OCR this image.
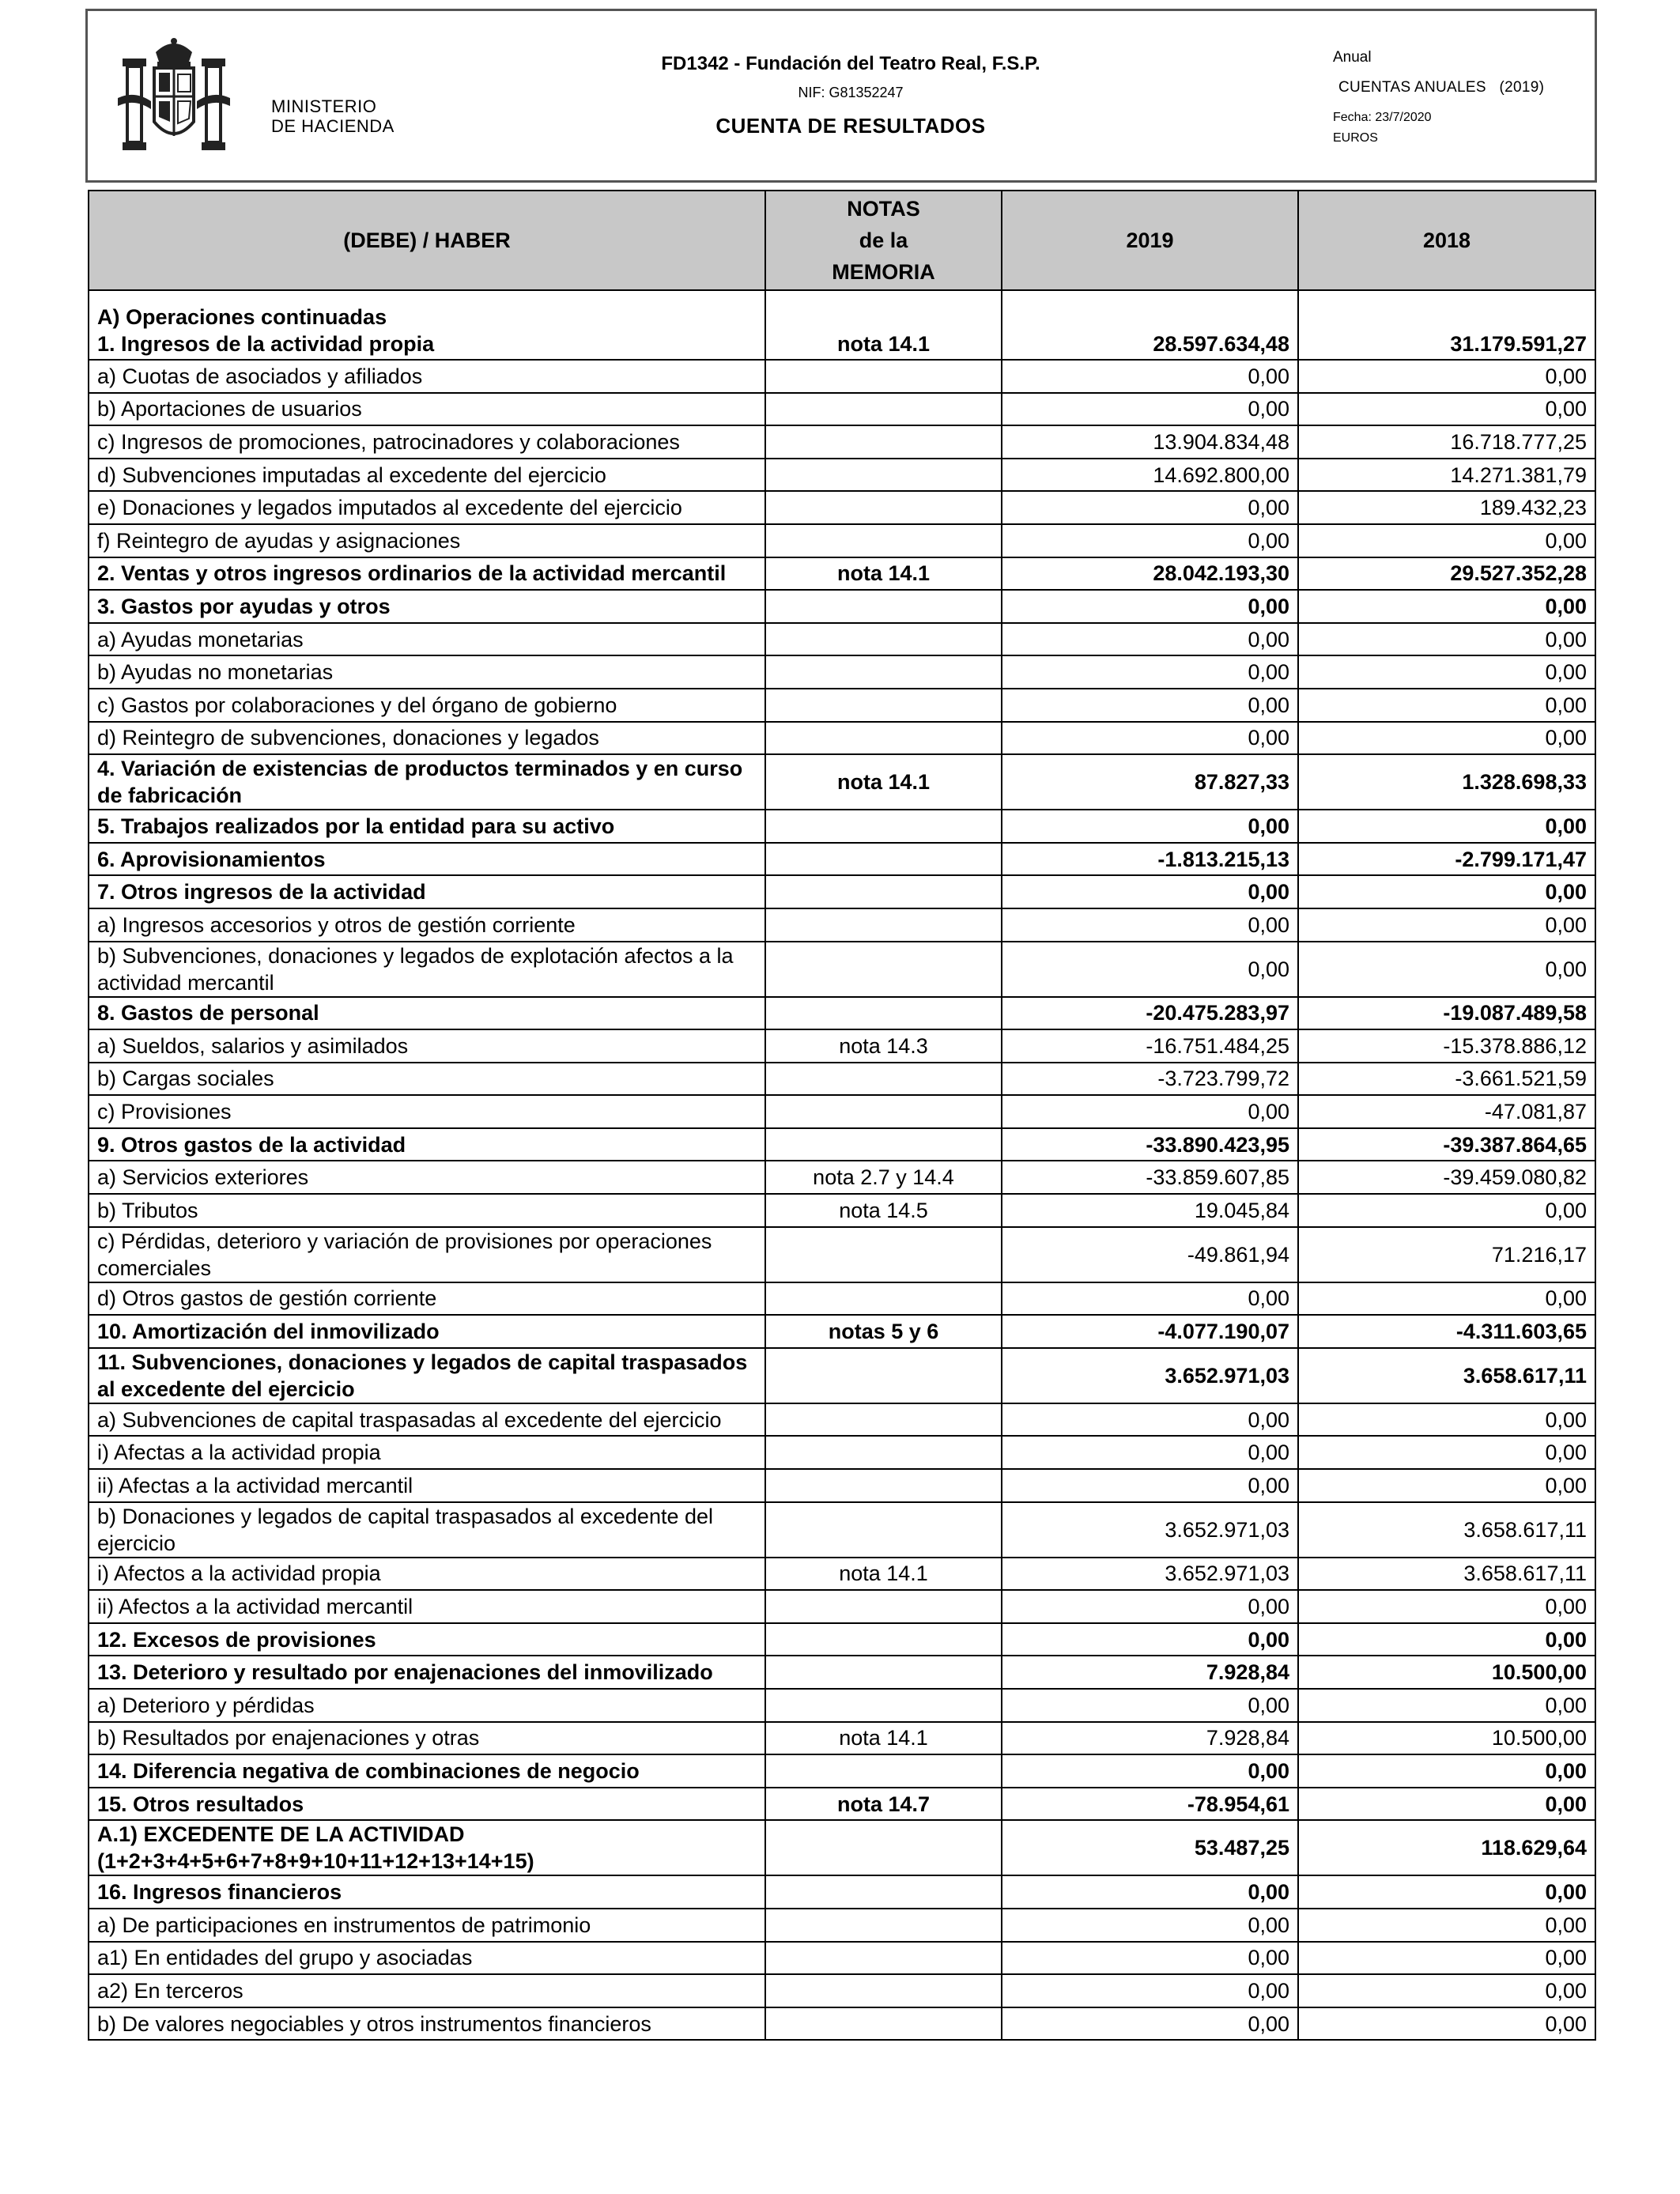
MINISTERIO
DE HACIENDA
FD1342 - Fundación del Teatro Real, F.S.P.
NIF: G81352247
CUENTA DE RESULTADOS
Anual
CUENTAS ANUALES   (2019)
Fecha: 23/7/2020
EUROS
(DEBE) / HABER	NOTAS
de la
MEMORIA	2019	2018

A) Operaciones continuadas
1. Ingresos de la actividad propia	nota 14.1	28.597.634,48	31.179.591,27
a) Cuotas de asociados y afiliados		0,00	0,00
b) Aportaciones de usuarios		0,00	0,00
c) Ingresos de promociones, patrocinadores y colaboraciones		13.904.834,48	16.718.777,25
d) Subvenciones imputadas al excedente del ejercicio		14.692.800,00	14.271.381,79
e) Donaciones y legados imputados al excedente del ejercicio		0,00	189.432,23
f) Reintegro de ayudas y asignaciones		0,00	0,00
2. Ventas y otros ingresos ordinarios de la actividad mercantil	nota 14.1	28.042.193,30	29.527.352,28
3. Gastos por ayudas y otros		0,00	0,00
a) Ayudas monetarias		0,00	0,00
b) Ayudas no monetarias		0,00	0,00
c) Gastos por colaboraciones y del órgano de gobierno		0,00	0,00
d) Reintegro de subvenciones, donaciones y legados		0,00	0,00
4. Variación de existencias de productos terminados y en curso de fabricación	nota 14.1	87.827,33	1.328.698,33
5. Trabajos realizados por la entidad para su activo		0,00	0,00
6. Aprovisionamientos		-1.813.215,13	-2.799.171,47
7. Otros ingresos de la actividad		0,00	0,00
a) Ingresos accesorios y otros de gestión corriente		0,00	0,00
b) Subvenciones, donaciones y legados de explotación afectos a la actividad mercantil		0,00	0,00
8. Gastos de personal		-20.475.283,97	-19.087.489,58
a) Sueldos, salarios y asimilados	nota 14.3	-16.751.484,25	-15.378.886,12
b) Cargas sociales		-3.723.799,72	-3.661.521,59
c) Provisiones		0,00	-47.081,87
9. Otros gastos de la actividad		-33.890.423,95	-39.387.864,65
a) Servicios exteriores	nota 2.7 y 14.4	-33.859.607,85	-39.459.080,82
b) Tributos	nota 14.5	19.045,84	0,00
c) Pérdidas, deterioro y variación de provisiones por operaciones comerciales		-49.861,94	71.216,17
d) Otros gastos de gestión corriente		0,00	0,00
10. Amortización del inmovilizado	notas 5 y 6	-4.077.190,07	-4.311.603,65
11. Subvenciones, donaciones y legados de capital traspasados al excedente del ejercicio		3.652.971,03	3.658.617,11
a) Subvenciones de capital traspasadas al excedente del ejercicio		0,00	0,00
i) Afectas a la actividad propia		0,00	0,00
ii) Afectas a la actividad mercantil		0,00	0,00
b) Donaciones y legados de capital traspasados al excedente del ejercicio		3.652.971,03	3.658.617,11
i) Afectos a la actividad propia	nota 14.1	3.652.971,03	3.658.617,11
ii) Afectos a la actividad mercantil		0,00	0,00
12. Excesos de provisiones		0,00	0,00
13. Deterioro y resultado por enajenaciones del inmovilizado		7.928,84	10.500,00
a) Deterioro y pérdidas		0,00	0,00
b) Resultados por enajenaciones y otras	nota 14.1	7.928,84	10.500,00
14. Diferencia negativa de combinaciones de negocio		0,00	0,00
15. Otros resultados	nota 14.7	-78.954,61	0,00
A.1) EXCEDENTE DE LA ACTIVIDAD (1+2+3+4+5+6+7+8+9+10+11+12+13+14+15)		53.487,25	118.629,64
16. Ingresos financieros		0,00	0,00
a) De participaciones en instrumentos de patrimonio		0,00	0,00
a1) En entidades del grupo y asociadas		0,00	0,00
a2) En terceros		0,00	0,00
b) De valores negociables y otros instrumentos financieros		0,00	0,00
